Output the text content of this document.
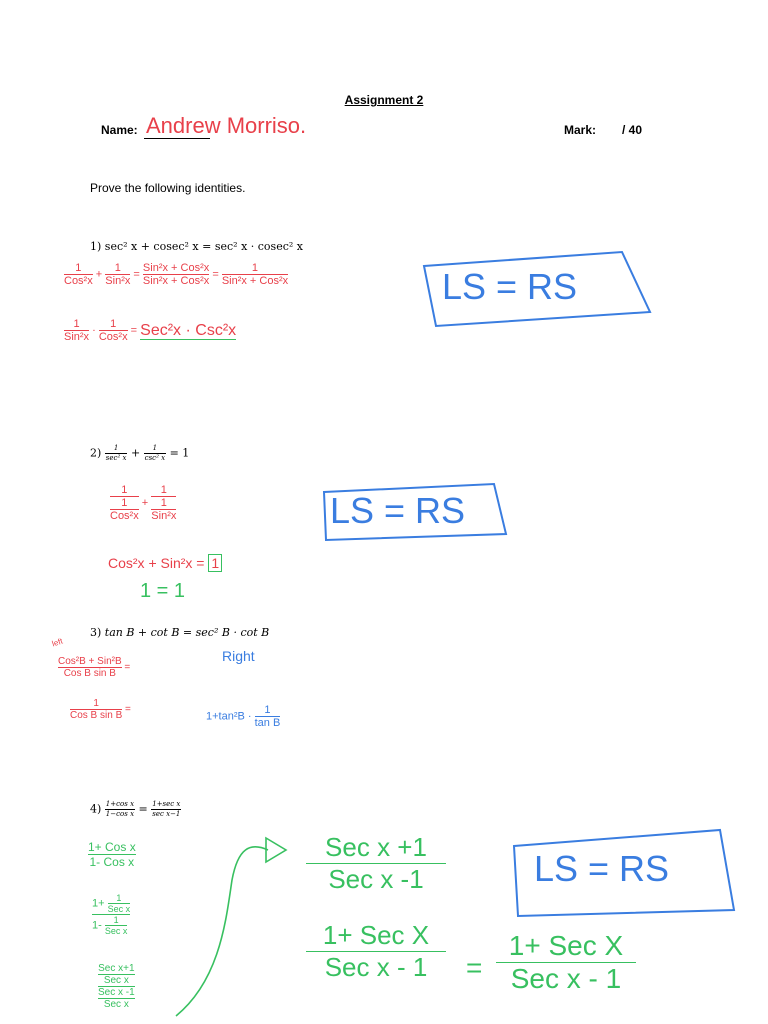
Assignment 2
Name: Andrew Morriso.	Mark: / 40
Prove the following identities.
1) sec² x + cosec² x = sec² x · cosec² x
1
Cos²x
+
1
Sin²x
=
Sin²x + Cos²x
Sin²x + Cos²x
=
1
Sin²x + Cos²x
1
Sin²x
·
1
Cos²x
= Sec²x · Csc²x
LS = RS
$2) \frac{1}{\text{sec² x}} + \frac{1}{\text{csc² x}} = 1$
1
1
Cos²x
+
1
1
Sin²x
Cos²x + Sin²x = 1
1 = 1
LS = RS
3) tan B + cot B = sec² B · cot B
left
Cos²B + Sin²B
Cos B sin B
=
1
Cos B sin B
=
Right
$1+\tan^2B \cdot \frac{1}{\text{tan B}}$
$4) \frac{\text{1+cos x}}{\text{1−cos x}} = \frac{\text{1+sec x}}{\text{sec x−1}}$
1+ Cos x
1- Cos x
1+	1
Sec x
1-	1
Sec x
Sec x+1
Sec x
Sec x -1
Sec x
Sec x +1
Sec x -1
1+ Sec X
Sec x - 1	=
1+ Sec X
Sec x - 1
LS = RS
